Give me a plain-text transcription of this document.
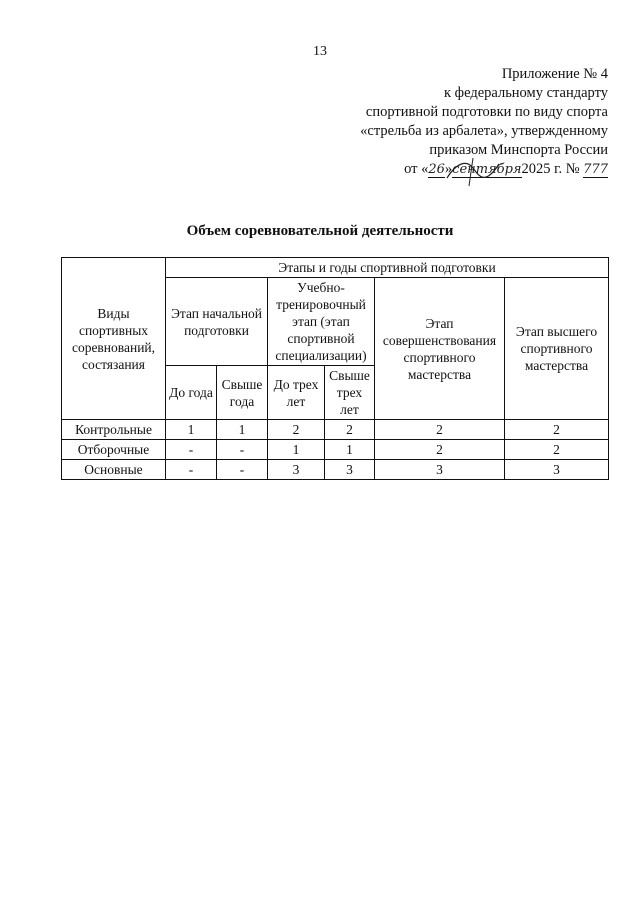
13
Приложение № 4
к федеральному стандарту
спортивной подготовки по виду спорта
«стрельба из арбалета», утвержденному
приказом Минспорта России
от «26»сентября2025 г. № 777
Объем соревновательной деятельности
Виды спортивных соревнований, состязания	Этапы и годы спортивной подготовки					
	Этап начальной подготовки		Учебно-тренировочный этап (этап спортивной специализации)		Этап совершенствования спортивного мастерства	Этап высшего спортивного мастерства
	До года	Свыше года	До трех лет	Свыше трех лет		
Контрольные	1	1	2	2	2	2
Отборочные	-	-	1	1	2	2
Основные	-	-	3	3	3	3
